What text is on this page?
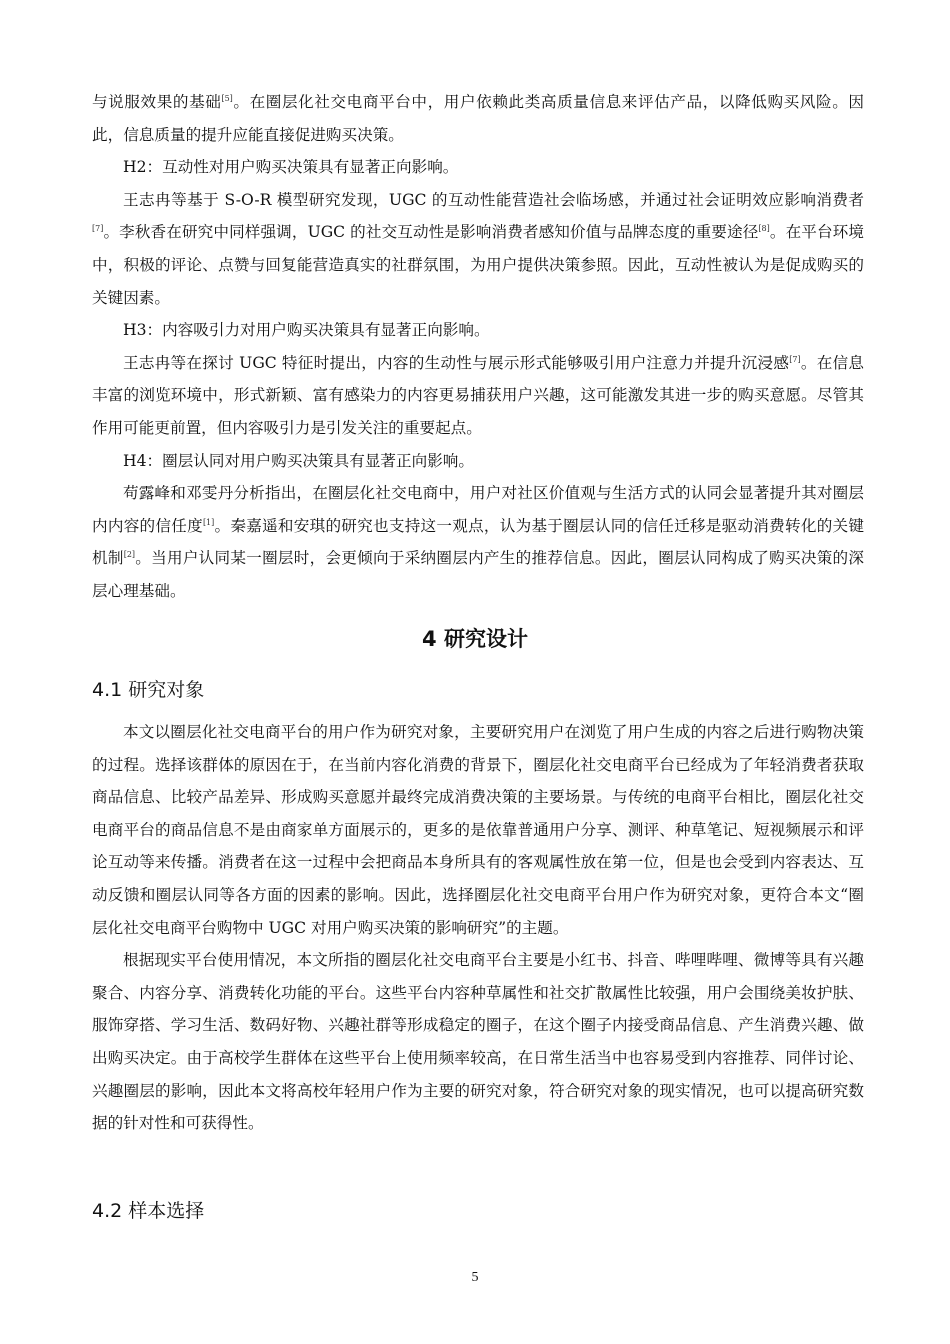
与说服效果的基础[5]。在圈层化社交电商平台中，用户依赖此类高质量信息来评估产品，以降低购买风险。因此，信息质量的提升应能直接促进购买决策。

H2：互动性对用户购买决策具有显著正向影响。

王志冉等基于 S-O-R 模型研究发现，UGC 的互动性能营造社会临场感，并通过社会证明效应影响消费者[7]。李秋香在研究中同样强调，UGC 的社交互动性是影响消费者感知价值与品牌态度的重要途径[8]。在平台环境中，积极的评论、点赞与回复能营造真实的社群氛围，为用户提供决策参照。因此，互动性被认为是促成购买的关键因素。

H3：内容吸引力对用户购买决策具有显著正向影响。

王志冉等在探讨 UGC 特征时提出，内容的生动性与展示形式能够吸引用户注意力并提升沉浸感[7]。在信息丰富的浏览环境中，形式新颖、富有感染力的内容更易捕获用户兴趣，这可能激发其进一步的购买意愿。尽管其作用可能更前置，但内容吸引力是引发关注的重要起点。

H4：圈层认同对用户购买决策具有显著正向影响。

苟露峰和邓雯丹分析指出，在圈层化社交电商中，用户对社区价值观与生活方式的认同会显著提升其对圈层内内容的信任度[1]。秦嘉遥和安琪的研究也支持这一观点，认为基于圈层认同的信任迁移是驱动消费转化的关键机制[2]。当用户认同某一圈层时，会更倾向于采纳圈层内产生的推荐信息。因此，圈层认同构成了购买决策的深层心理基础。

4 研究设计
4.1 研究对象

本文以圈层化社交电商平台的用户作为研究对象，主要研究用户在浏览了用户生成的内容之后进行购物决策的过程。选择该群体的原因在于，在当前内容化消费的背景下，圈层化社交电商平台已经成为了年轻消费者获取商品信息、比较产品差异、形成购买意愿并最终完成消费决策的主要场景。与传统的电商平台相比，圈层化社交电商平台的商品信息不是由商家单方面展示的，更多的是依靠普通用户分享、测评、种草笔记、短视频展示和评论互动等来传播。消费者在这一过程中会把商品本身所具有的客观属性放在第一位，但是也会受到内容表达、互动反馈和圈层认同等各方面的因素的影响。因此，选择圈层化社交电商平台用户作为研究对象，更符合本文“圈层化社交电商平台购物中 UGC 对用户购买决策的影响研究”的主题。

根据现实平台使用情况，本文所指的圈层化社交电商平台主要是小红书、抖音、哔哩哔哩、微博等具有兴趣聚合、内容分享、消费转化功能的平台。这些平台内容种草属性和社交扩散属性比较强，用户会围绕美妆护肤、服饰穿搭、学习生活、数码好物、兴趣社群等形成稳定的圈子，在这个圈子内接受商品信息、产生消费兴趣、做出购买决定。由于高校学生群体在这些平台上使用频率较高，在日常生活当中也容易受到内容推荐、同伴讨论、兴趣圈层的影响，因此本文将高校年轻用户作为主要的研究对象，符合研究对象的现实情况，也可以提高研究数据的针对性和可获得性。

4.2 样本选择
5
